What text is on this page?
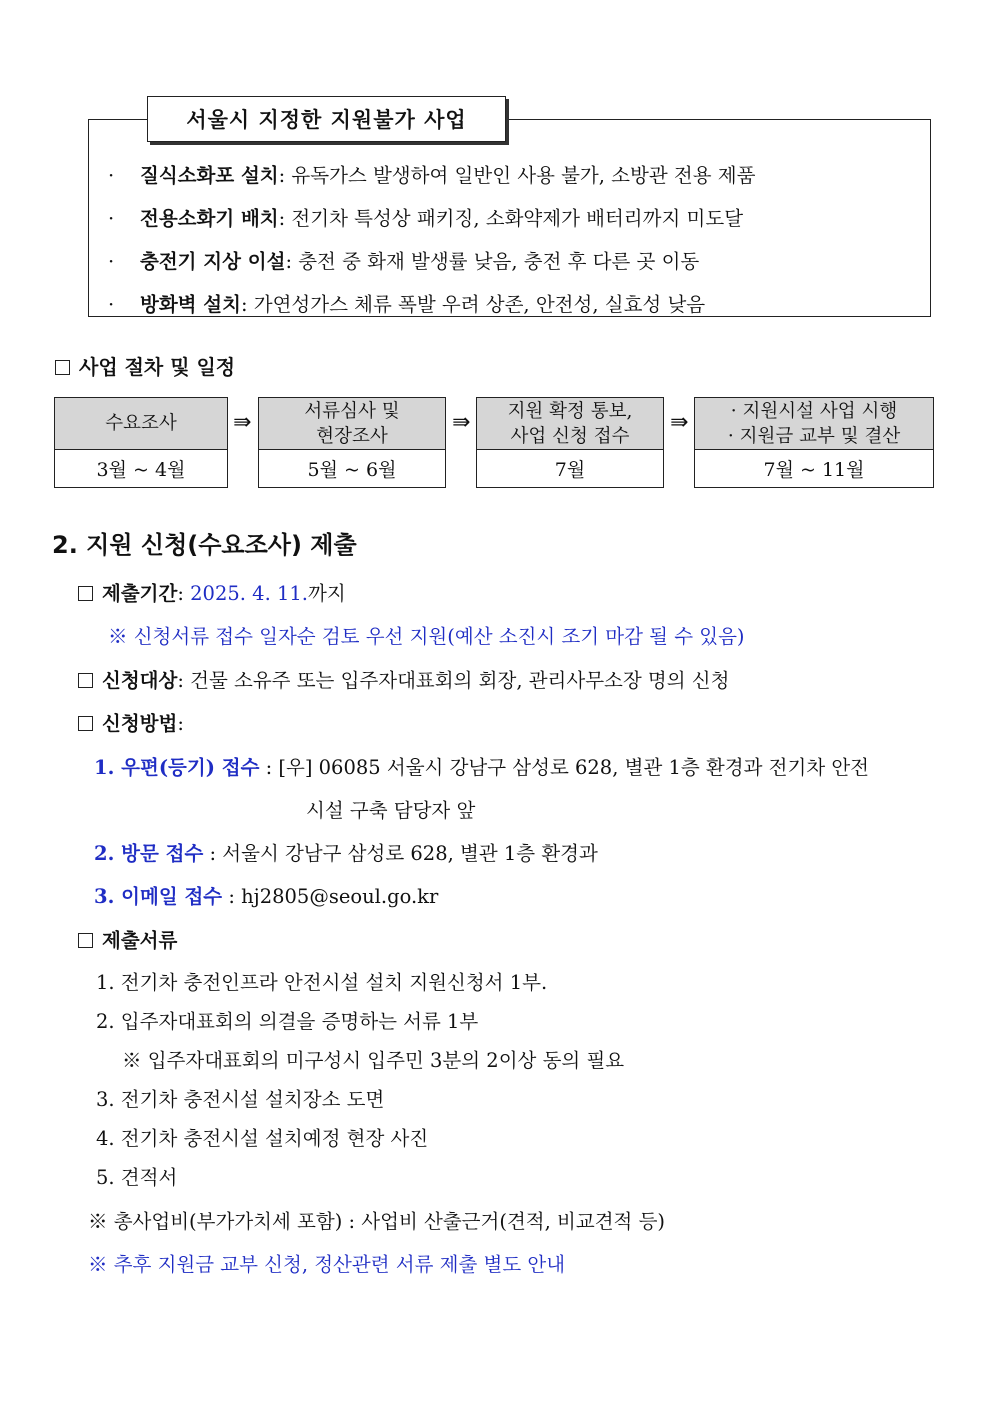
서울시 지정한 지원불가 사업
· 질식소화포 설치: 유독가스 발생하여 일반인 사용 불가, 소방관 전용 제품
· 전용소화기 배치: 전기차 특성상 패키징, 소화약제가 배터리까지 미도달
· 충전기 지상 이설: 충전 중 화재 발생률 낮음, 충전 후 다른 곳 이동
· 방화벽 설치: 가연성가스 체류 폭발 우려 상존, 안전성, 실효성 낮음
사업 절차 및 일정
수요조사
3월 ~ 4월
⇛	서류심사 및
현장조사
5월 ~ 6월
⇛ 지원 확정 통보,
사업 신청 접수
7월
⇛ · 지원시설 사업 시행
· 지원금 교부 및 결산
7월 ~ 11월
2. 지원 신청(수요조사) 제출
제출기간: 2025. 4. 11.까지
※ 신청서류 접수 일자순 검토 우선 지원(예산 소진시 조기 마감 될 수 있음)
신청대상: 건물 소유주 또는 입주자대표회의 회장, 관리사무소장 명의 신청
신청방법:
1. 우편(등기) 접수 : [우] 06085 서울시 강남구 삼성로 628, 별관 1층 환경과 전기차 안전
시설 구축 담당자 앞
2. 방문 접수 : 서울시 강남구 삼성로 628, 별관 1층 환경과
3. 이메일 접수 : hj2805@seoul.go.kr
제출서류
1. 전기차 충전인프라 안전시설 설치 지원신청서 1부.
2. 입주자대표회의 의결을 증명하는 서류 1부
※ 입주자대표회의 미구성시 입주민 3분의 2이상 동의 필요
3. 전기차 충전시설 설치장소 도면
4. 전기차 충전시설 설치예정 현장 사진
5. 견적서
※ 총사업비(부가가치세 포함) : 사업비 산출근거(견적, 비교견적 등)
※ 추후 지원금 교부 신청, 정산관련 서류 제출 별도 안내
